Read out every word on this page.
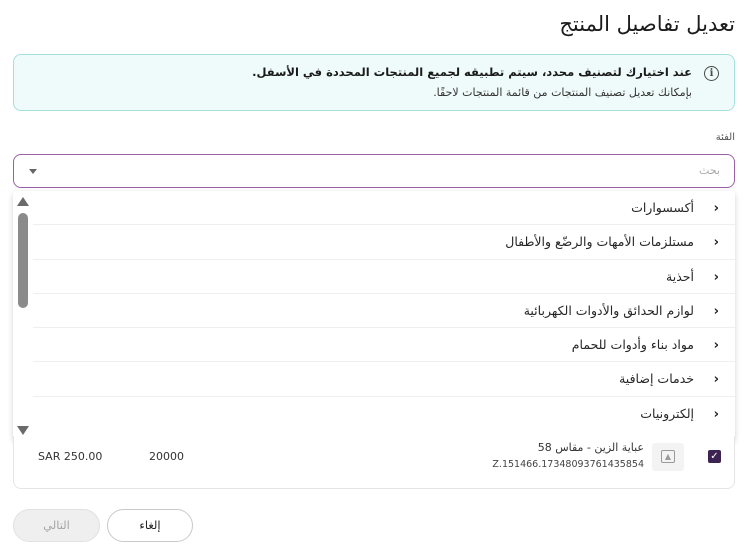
تعديل تفاصيل المنتج
i
عند اختيارك لتصنيف محدد، سيتم تطبيقه لجميع المنتجات المحددة في الأسفل.
بإمكانك تعديل تصنيف المنتجات من قائمة المنتجات لاحقًا.
الفئة
بحث
‹
أكسسوارات
‹
مستلزمات الأمهات والرضّع والأطفال
‹
أحذية
‹
لوازم الحدائق والأدوات الكهربائية
‹
مواد بناء وأدوات للحمام
‹
خدمات إضافية
‹
إلكترونيات
✓
▲
عباية الزين - مقاس 58
Z.151466.17348093761435854
20000
SAR 250.00
إلغاء
التالي
